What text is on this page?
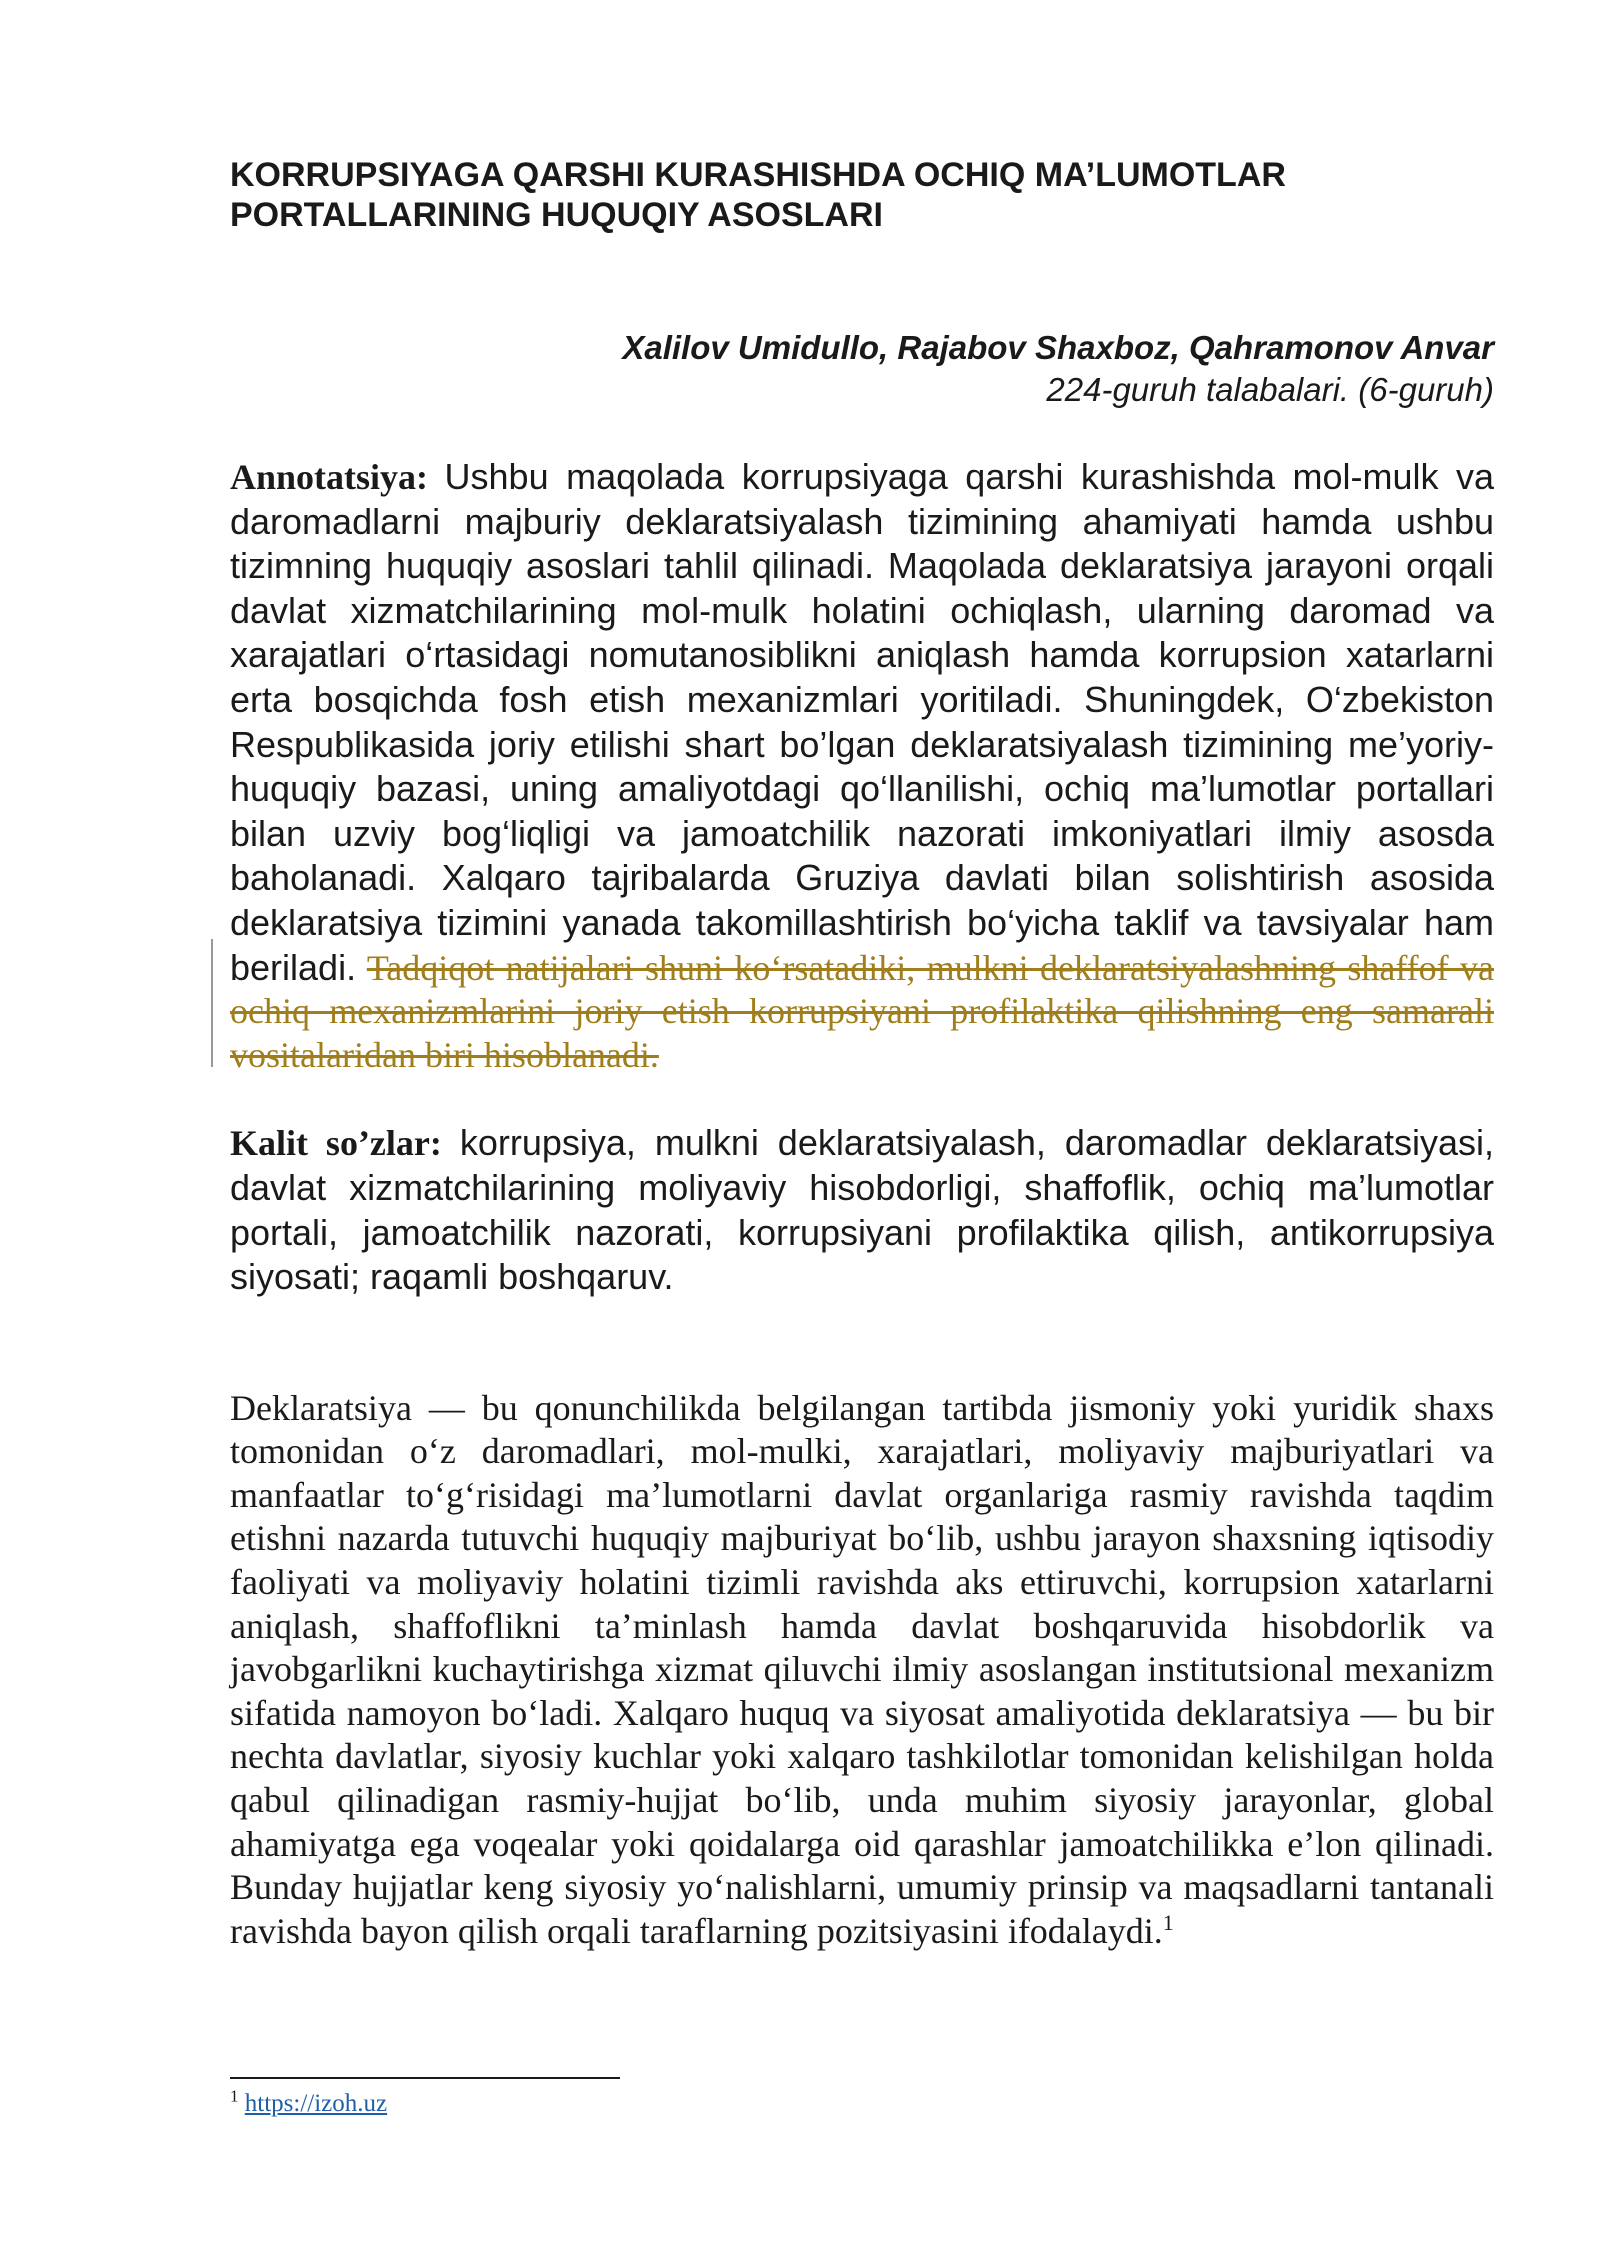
KORRUPSIYAGA QARSHI KURASHISHDA OCHIQ MA’LUMOTLAR
PORTALLARINING HUQUQIY ASOSLARI
Xalilov Umidullo, Rajabov Shaxboz, Qahramonov Anvar
224-guruh talabalari. (6-guruh)

Annotatsiya: Ushbu maqolada korrupsiyaga qarshi kurashishda mol-mulk va daromadlarni majburiy deklaratsiyalash tizimining ahamiyati hamda ushbu tizimning huquqiy asoslari tahlil qilinadi. Maqolada deklaratsiya jarayoni orqali davlat xizmatchilarining mol-mulk holatini ochiqlash, ularning daromad va xarajatlari o‘rtasidagi nomutanosiblikni aniqlash hamda korrupsion xatarlarni erta bosqichda fosh etish mexanizmlari yoritiladi. Shuningdek, O‘zbekiston Respublikasida joriy etilishi shart bo’lgan deklaratsiyalash tizimining me’yoriy-huquqiy bazasi, uning amaliyotdagi qo‘llanilishi, ochiq ma’lumotlar portallari bilan uzviy bog‘liqligi va jamoatchilik nazorati imkoniyatlari ilmiy asosda baholanadi. Xalqaro tajribalarda Gruziya davlati bilan solishtirish asosida deklaratsiya tizimini yanada takomillashtirish bo‘yicha taklif va tavsiyalar ham beriladi. Tadqiqot natijalari shuni ko‘rsatadiki, mulkni deklaratsiyalashning shaffof va ochiq mexanizmlarini joriy etish korrupsiyani profilaktika qilishning eng samarali vositalaridan biri hisoblanadi.

Kalit so’zlar: korrupsiya, mulkni deklaratsiyalash, daromadlar deklaratsiyasi, davlat xizmatchilarining moliyaviy hisobdorligi, shaffoflik, ochiq ma’lumotlar portali, jamoatchilik nazorati, korrupsiyani profilaktika qilish, antikorrupsiya siyosati; raqamli boshqaruv.

Deklaratsiya — bu qonunchilikda belgilangan tartibda jismoniy yoki yuridik shaxs tomonidan o‘z daromadlari, mol-mulki, xarajatlari, moliyaviy majburiyatlari va manfaatlar to‘g‘risidagi ma’lumotlarni davlat organlariga rasmiy ravishda taqdim etishni nazarda tutuvchi huquqiy majburiyat bo‘lib, ushbu jarayon shaxsning iqtisodiy faoliyati va moliyaviy holatini tizimli ravishda aks ettiruvchi, korrupsion xatarlarni aniqlash, shaffoflikni ta’minlash hamda davlat boshqaruvida hisobdorlik va javobgarlikni kuchaytirishga xizmat qiluvchi ilmiy asoslangan institutsional mexanizm sifatida namoyon bo‘ladi. Xalqaro huquq va siyosat amaliyotida deklaratsiya — bu bir nechta davlatlar, siyosiy kuchlar yoki xalqaro tashkilotlar tomonidan kelishilgan holda qabul qilinadigan rasmiy-hujjat bo‘lib, unda muhim siyosiy jarayonlar, global ahamiyatga ega voqealar yoki qoidalarga oid qarashlar jamoatchilikka e’lon qilinadi. Bunday hujjatlar keng siyosiy yo‘nalishlarni, umumiy prinsip va maqsadlarni tantanali ravishda bayon qilish orqali taraflarning pozitsiyasini ifodalaydi.$^1$

$^1$ https://izoh.uz
